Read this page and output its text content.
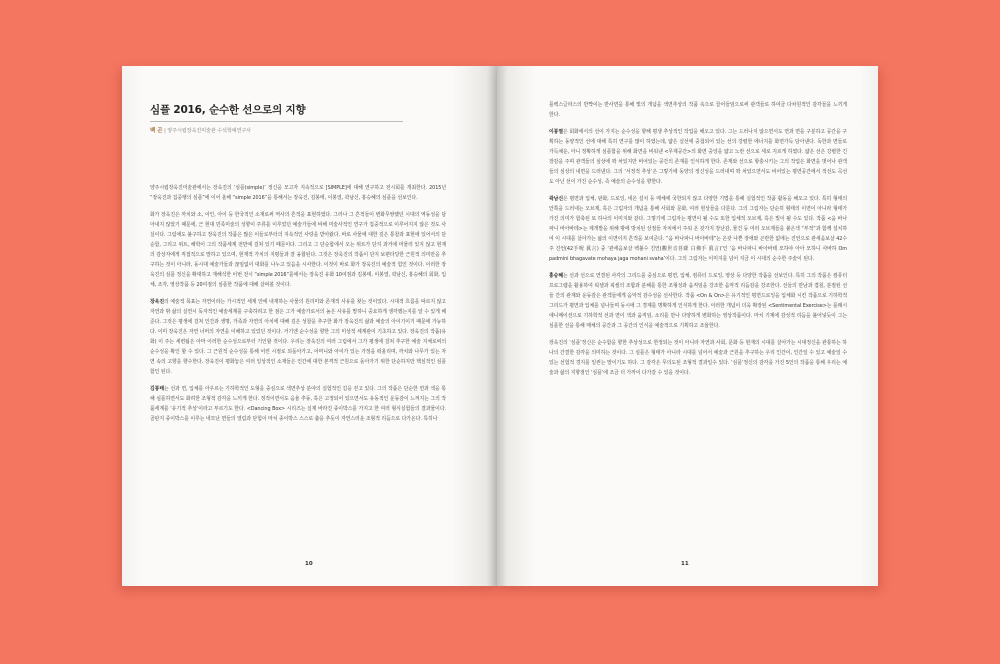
심플 2016, 순수한 선으로의 지향
백 곤 | 양주시립장욱진미술관 수석학예연구사

양주시립장욱진미술관에서는 장욱진의 ‘심플(simple)’ 정신을 모고자 지속적으로 [SIMPLE]에 대해 연구하고 전시회를 개최한다. 2015년 “장욱진과 집중행의 심플”에 이어 올해 “simple 2016”을 통해서는 장욱진, 김봉태, 이봉열, 곽남신, 홍승혜의 심플을 선보인다.

화가 장욱진은 까치와 소, 어인, 아이 등 한국적인 소재로써 역사의 흔적을 표현하였다. 그러나 그 흔적들이 변화무쌍했던 시대의 역동성을 담아내지 않았기 때문에, 근 현대 민족미술의 성향이 주류를 이루었던 예술가들에 비해 미술사적인 연구가 집중적으로 이루어지지 않은 것도 사실이다. 그럼에도 불구하고 장욱진의 작품은 많은 이들로부터의 지속적인 사랑을 받아왔다. 바로 사물에 대한 깊은 통찰과 표현에 있어서의 단순함, 그리고 위트, 해학이 그의 작품세계 전반에 걸쳐 있기 때문이다. 그리고 그 단순함에서 오는 위트가 단지 과거에 머물러 있지 않고 현재의 감상자에게 직접적으로 말하고 있으며, 현재적 가치의 지평들과 잘 융합된다. 그것은 장욱진의 작품이 단지 보편타당한 근원적 의미만을 추구하는 것이 아니라, 동시대 예술가들과 끊임없이 대화를 나누고 있음을 시사한다. 이것이 바로 화가 장욱진의 예술적 힘인 것이다. 이러한 장욱진의 심플 정신을 확대하고 재해석한 이번 전시 “simple 2016”를에서는 장욱진 유화 10여점과 김봉태, 이봉열, 곽남신, 홍승혜의 회화, 입체, 조각, 영상작품 등 20여점의 심플한 작품에 대해 살펴볼 것이다.

장욱진의 예술적 목표는 자연이라는 가시적인 세계 안에 내재하는 사물의 원리미와 존재적 사유를 찾는 것이었다. 시대적 흐름을 따르지 않고 자연과 밖 삶의 실연시 독자적인 예술세계를 구축하려고 한 점은 그가 예술가로서의 높은 사유를 말하니 중요하게 생각했는지를 알 수 있게 해준다. 그것은 평생에 걸쳐 인간과 생명, 가족과 자연의 아치에 대해 깊은 성찰을 추구한 화가 장욱진의 삶과 예술의 아이기이기 때문에 가능하다. 이미 장욱진은 자연 너머의 자연을 이해하고 있었던 것이다. 거기엔 순수성을 향한 그의 미상적 세계관이 기초하고 있다. 장욱진의 작품(유화) 이 주는 세련됨은 아마 이러한 순수성으로부터 기인할 것이다. 우리는 장욱진의 여러 그림에서 그가 평생에 걸쳐 추구한 예술 지체로써의 순수성을 확인 할 수 있다. 그 근원적 순수성을 통해 어린 시절로 되돌아가고, 어머니와 아이가 있는 가정을 떠올리며, 까치와 나무가 있는 자연 속의 고향을 향수한다. 장욱진이 평화놓은 여러 일상적인 소재들은 인간에 대한 본격적 근원으로 돌아가기 위한 단순하지만 핵심적인 심플함인 된다.

김봉태는 선과 면, 입체를 아우르는 기하학적인 도형을 중심으로 색면추상 분야의 실험적인 길을 걷고 있다. 그의 작품은 단순한 면과 색을 통해 심플하면서도 화려한 조형적 감각을 느끼게 한다. 정적이면서도 음율 추동, 혹은 고정되어 있으면서도 유동적인 운동감이 느껴지는 그의 작품세계를 ‘유기적 추상’이라고 부르기도 한다. <Dancing Box> 시리즈는 실제 바라진 종이박스를 가지고 한 여러 형식실험들의 결과물이다. 골판지 종이박스를 이루는 네모난 면들의 열림과 닫힘이 마치 종이박스 스스로 춤을 추듯이 자연스러운 조형적 리듬으로 다가온다. 특히나

10

플렉스글라스의 반짝이는 반사면을 통해 빛의 개념을 색면추상의 작품 속으로 끌어들임으로써 관객들로 하여금 다차원적인 감각들을 느끼게 한다.

이봉열은 회화에서의 선이 가지는 순수성을 향해 평생 추상적인 작업을 해오고 있다. 그는 드러나지 않으면서도 면과 면을 구분하고 공간을 구획하는 동양적인 선에 대해 특히 연구를 많이 하였는데, 얇은 실선에 중첩되어 있는 선의 강렬한 에너지를 화면가득 담아낸다. 독한과 면들로 가득채운, 아니 정확하게 심플함을 위해 화면을 비워낸 <무제공간>의 화면 중앙을 얇고 노란 선으로 세로 지르게 하였다. 얇은 선은 강렬한 긴장감을 주며 관객들의 심상에 꽉 차있지만 비어있는 공간의 존재를 인식하게 한다. 존재와 선으로 항충시키는 그의 작업은 화면을 벗어나 관객들의 심상의 내면을 드러낸다. 그의 ‘서정적 추상’은 그렇기에 동양의 정신성을 드러내며 꽉 차있으면서도 비어있는 평면공간에서 적선도 곡선도 아닌 선이 가진 순수성, 즉 예술의 순수성을 향한다.

곽남신은 평면과 입체, 판화, 드로잉, 네온 설치 등 매체에 국한되지 않고 다양한 기법을 통해 실험적인 작품 활동을 해오고 있다. 특히 형태의 안쪽을 드러내는 오브제, 혹은 그림자의 개념을 통해 사회와 문화, 여러 현상들을 다룬다. 그의 그림자는 단순히 형태의 이면이 아니라 형태가 가진 의미가 함축된 또 하나의 이미지와 같다. 그렇기에 그림자는 평면이 될 수도 또한 입체적 오브제, 혹은 빛이 될 수도 있다. 작품 <옴 바나파니 바아바테>는 제개발을 위해 밖에 방치된 상점들 자치에서 주워 온 갖가지 장난감, 물건 등 여러 오브제들을 붙은색 “부적”과 함께 설치하여 이 시대를 살아가는 삶의 이면이지 흔적을 보여준다. “옴 바나파니 바아바테”는 온갖 나쁜 장애와 곤란한 없애는 진언으로 관세음보살 42수주 진언(42手呪 眞言) 중 ‘관세음보살 백불수 진언(觀世音菩薩 白佛手 眞言)’인 ‘옴 바나파니 바아바테 모하야 아아 모하니 사바하 Om padmini bhagavate mohaya jaga mohani svaha’이다. 그의 그림자는 이미지를 넘어 지금 이 시대의 순수한 주술이 된다.

홍승혜는 선과 선으로 연결된 사각의 그리드를 중심으로 평면, 입체, 컴퓨터 드로잉, 영상 등 다양한 작품을 선보인다. 특히 그의 작품은 컴퓨터 프로그램을 활용하여 픽셀과 픽셀의 조합과 분해를 통한 조형성과 움직임을 강조한 음악적 리듬감을 강조한다. 선들의 만남과 겹침, 분절된 선들 간의 관계와 운동감은 관객들에게 음악적 감수성을 선사한다. 작품 <On & On>은 유기적인 평면드로잉을 입체화 시킨 작품으로 기하학적 그리드가 평면과 입체를 넘나들며 동시에 그 경계를 명확하게 인식하게 한다. 이러한 개념이 더욱 확장된 <Sentimental Exercise>는 플래시 애니메이션으로 기하학적 선과 면이 색과 움직임, 소리를 만나 다양하게 변화하는 영상작품이다. 마치 기계에 감성적 리듬을 불어넣듯이 그는 심플한 선을 통해 매체의 공간과 그 공간의 인식을 예술적으로 기획하고 조율한다.

장욱진의 ‘심플’정신은 순수함을 향한 추상성으로 한정되는 것이 아니라 자연과 사회, 문화 등 현재의 시대를 살아가는 시대정신을 관통하는 하나의 간결한 감각을 의미하는 것이다. 그 심플은 형태가 아니라 시대를 넘어서 예술과 근원을 추구하는 우리 인간이, 인간일 수 있고 예술일 수 있는 선험적 경지를 일컫는 말이기도 하다. 그 감각은 무의도된 조형적 결과일수 있다. ‘심플’정신의 감각을 가진 5인의 작품을 통해 우리는 예술과 삶의 지향점인 ‘심플’에 조금 더 가까이 다가갈 수 있을 것이다.

11
